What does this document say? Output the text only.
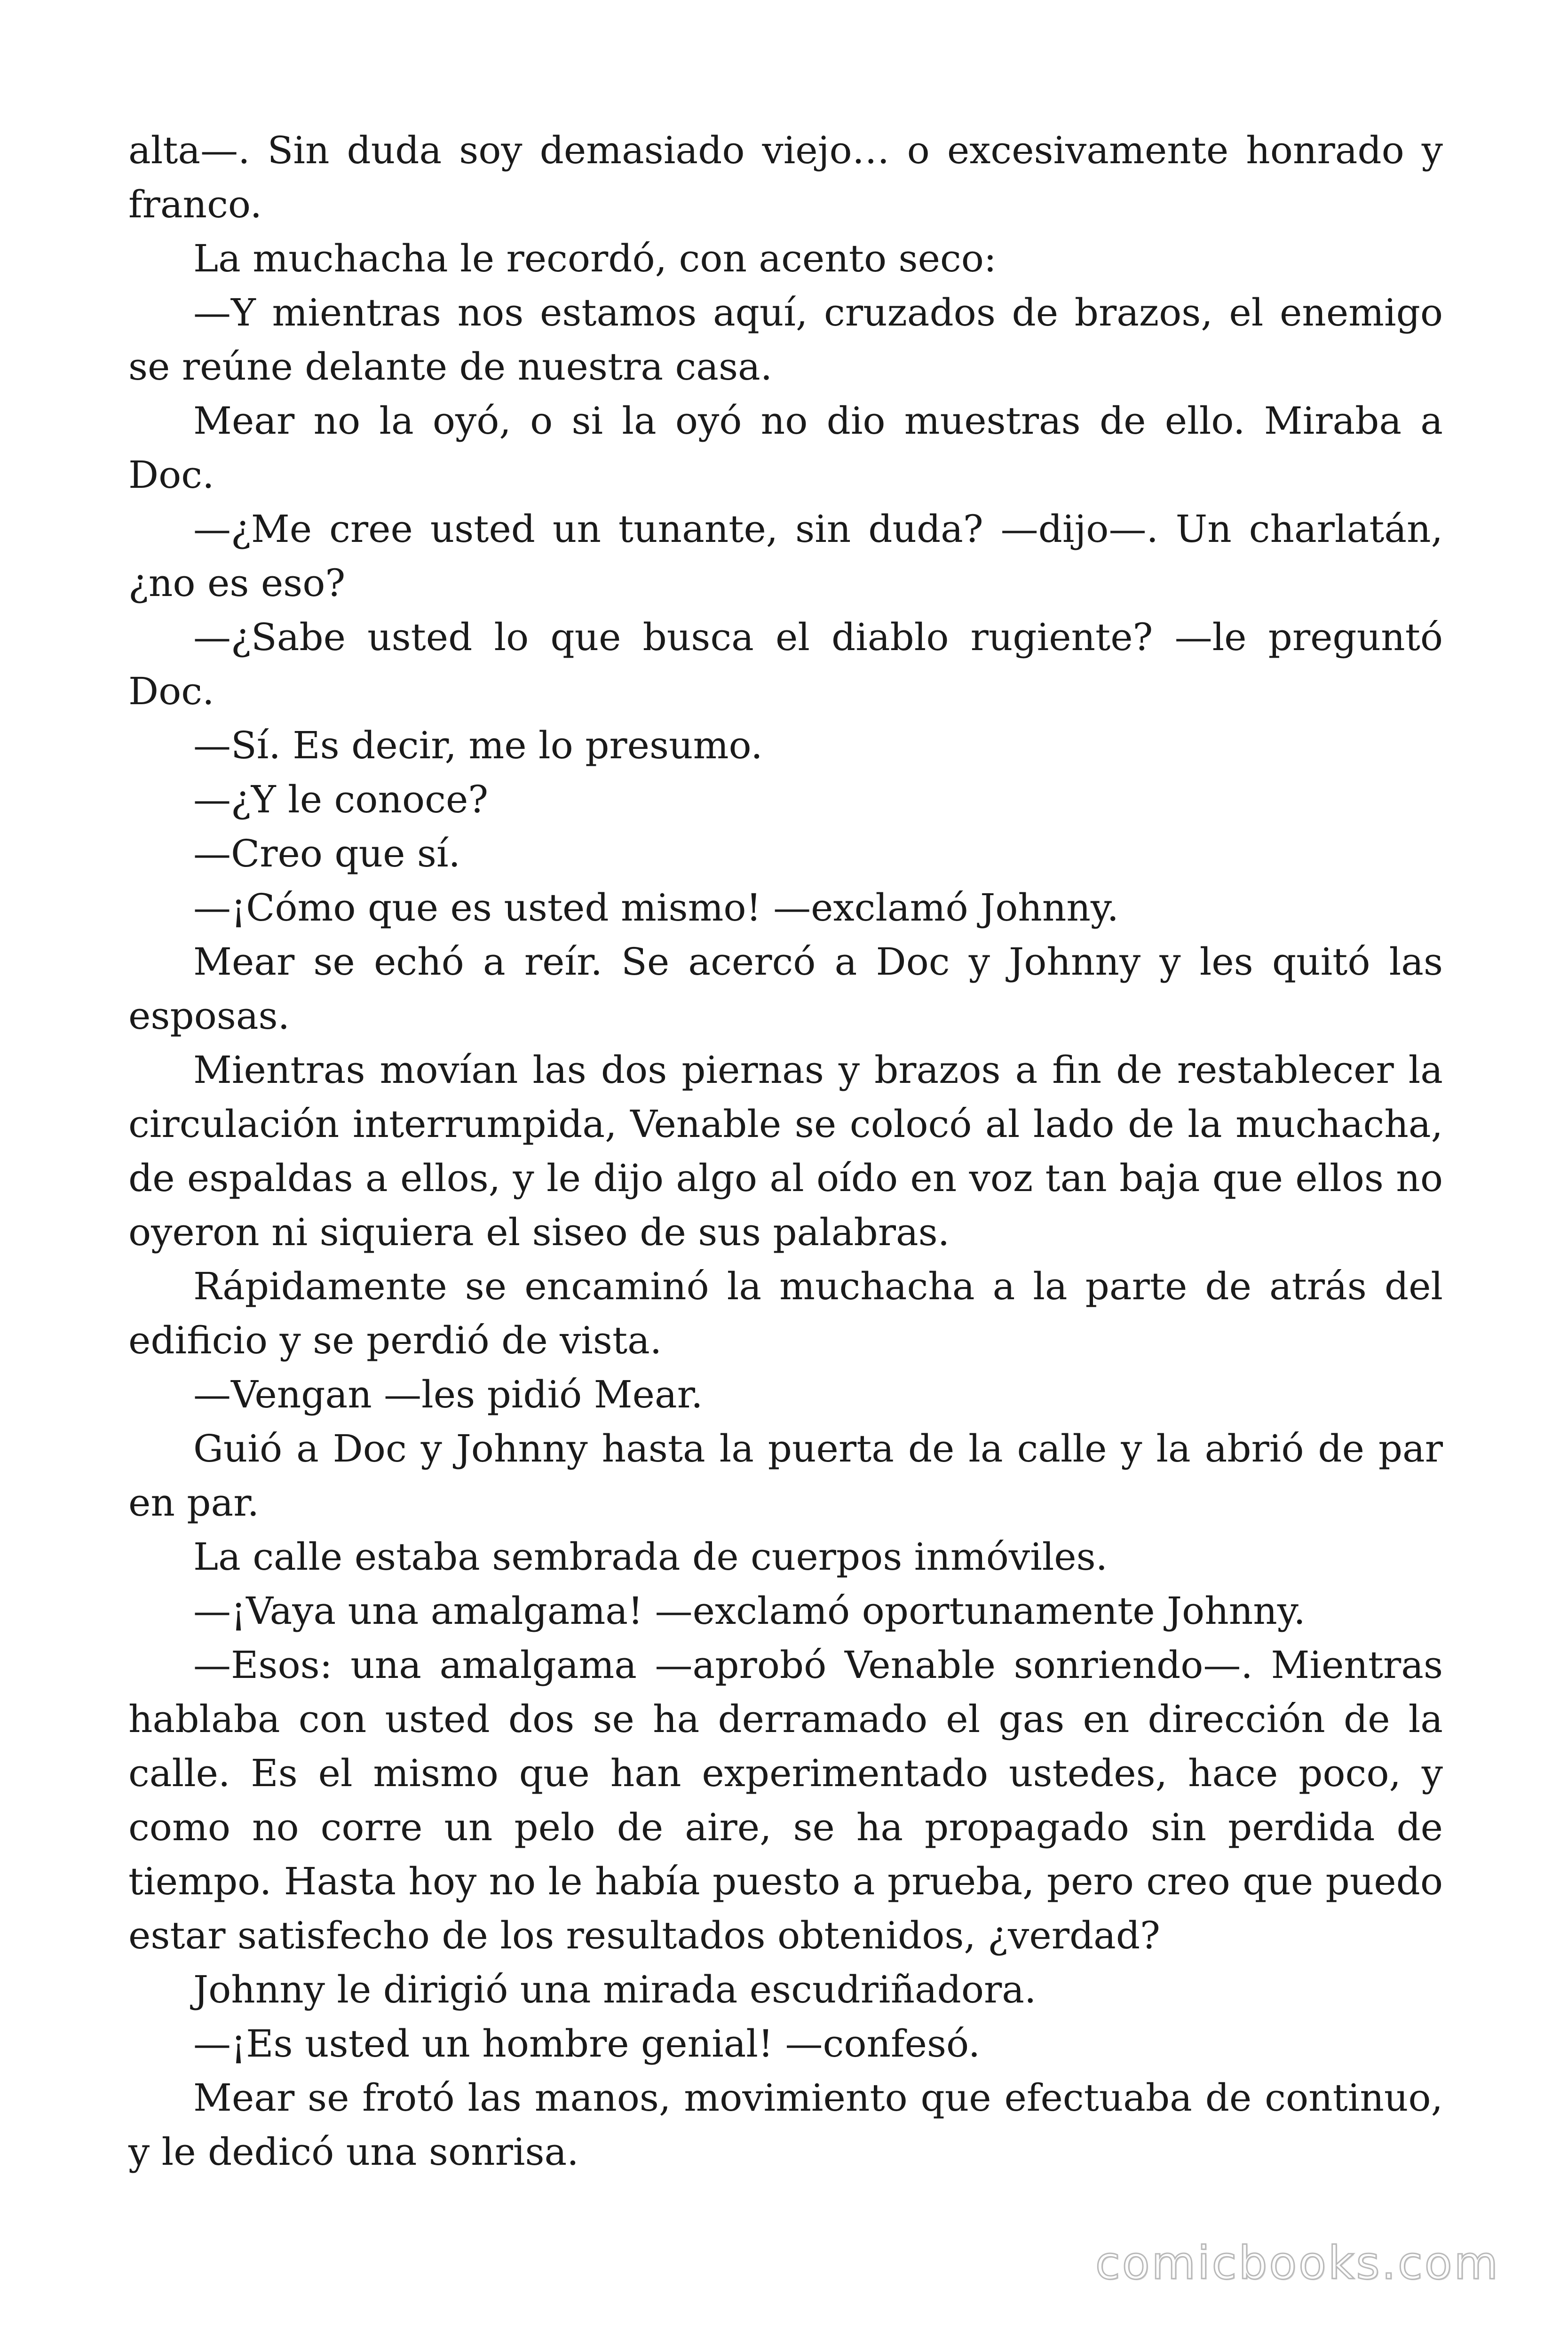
alta—. Sin duda soy demasiado viejo… o excesivamente honrado y franco.

La muchacha le recordó, con acento seco:

—Y mientras nos estamos aquí, cruzados de brazos, el enemigo se reúne delante de nuestra casa.

Mear no la oyó, o si la oyó no dio muestras de ello. Miraba a Doc.

—¿Me cree usted un tunante, sin duda? —dijo—. Un charlatán, ¿no es eso?

—¿Sabe usted lo que busca el diablo rugiente? —le preguntó Doc.

—Sí. Es decir, me lo presumo.

—¿Y le conoce?

—Creo que sí.

—¡Cómo que es usted mismo! —exclamó Johnny.

Mear se echó a reír. Se acercó a Doc y Johnny y les quitó las esposas.

Mientras movían las dos piernas y brazos a fin de restablecer la circulación interrumpida, Venable se colocó al lado de la muchacha, de espaldas a ellos, y le dijo algo al oído en voz tan baja que ellos no oyeron ni siquiera el siseo de sus palabras.

Rápidamente se encaminó la muchacha a la parte de atrás del edificio y se perdió de vista.

—Vengan —les pidió Mear.

Guió a Doc y Johnny hasta la puerta de la calle y la abrió de par en par.

La calle estaba sembrada de cuerpos inmóviles.

—¡Vaya una amalgama! —exclamó oportunamente Johnny.

—Esos: una amalgama —aprobó Venable sonriendo—. Mientras hablaba con usted dos se ha derramado el gas en dirección de la calle. Es el mismo que han experimentado ustedes, hace poco, y como no corre un pelo de aire, se ha propagado sin perdida de tiempo. Hasta hoy no le había puesto a prueba, pero creo que puedo estar satisfecho de los resultados obtenidos, ¿verdad?

Johnny le dirigió una mirada escudriñadora.

—¡Es usted un hombre genial! —confesó.

Mear se frotó las manos, movimiento que efectuaba de continuo, y le dedicó una sonrisa.

comicbooks.com
